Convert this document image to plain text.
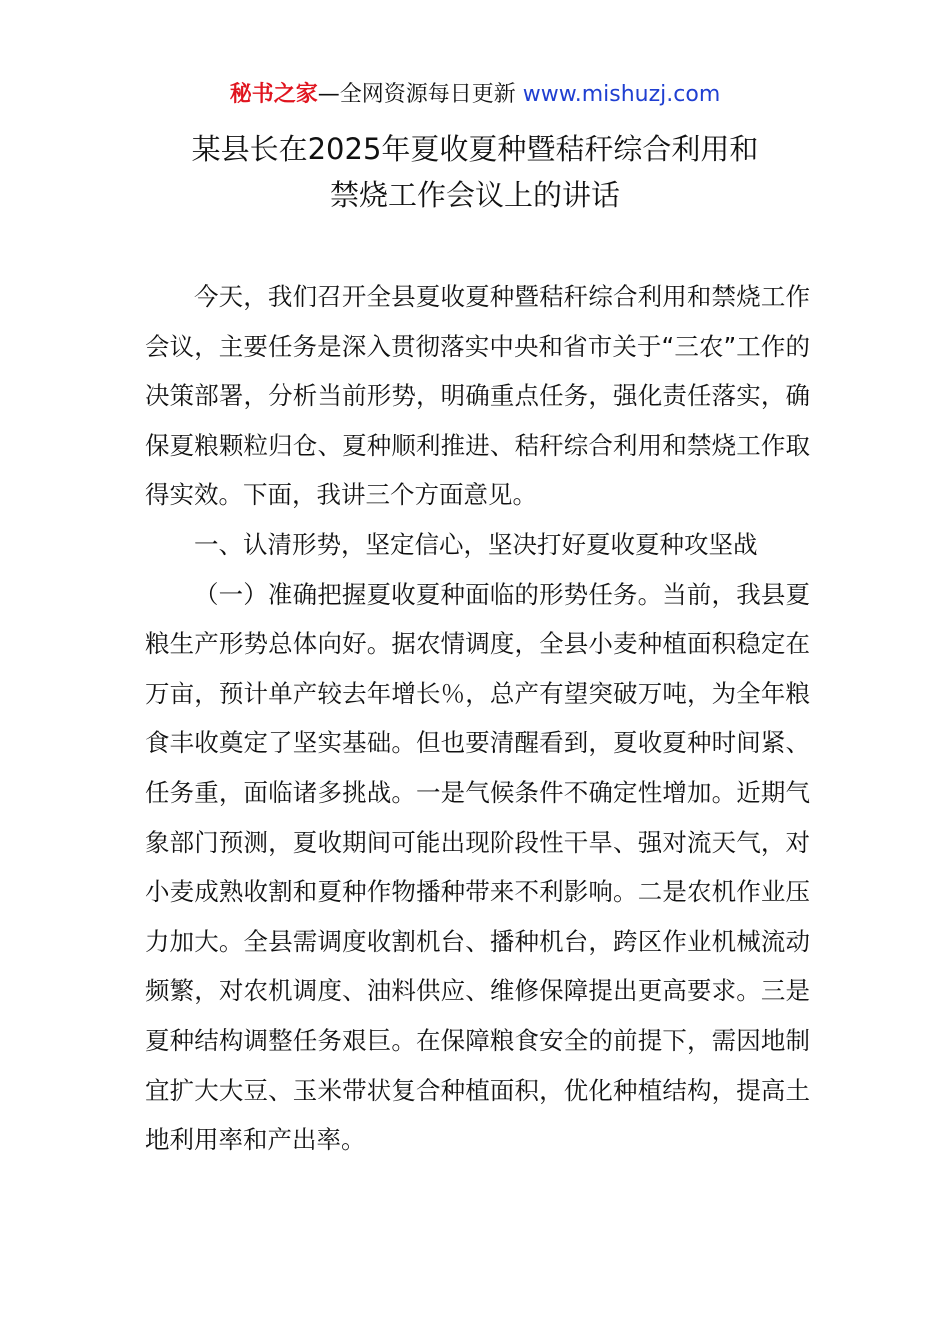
秘书之家—全网资源每日更新 www.mishuzj.com
某县长在2025年夏收夏种暨秸秆综合利用和
禁烧工作会议上的讲话

今天，我们召开全县夏收夏种暨秸秆综合利用和禁烧工作会议，主要任务是深入贯彻落实中央和省市关于“三农”工作的决策部署，分析当前形势，明确重点任务，强化责任落实，确保夏粮颗粒归仓、夏种顺利推进、秸秆综合利用和禁烧工作取得实效。下面，我讲三个方面意见。

一、认清形势，坚定信心，坚决打好夏收夏种攻坚战

（一）准确把握夏收夏种面临的形势任务。当前，我县夏粮生产形势总体向好。据农情调度，全县小麦种植面积稳定在万亩，预计单产较去年增长％，总产有望突破万吨，为全年粮食丰收奠定了坚实基础。但也要清醒看到，夏收夏种时间紧、任务重，面临诸多挑战。一是气候条件不确定性增加。近期气象部门预测，夏收期间可能出现阶段性干旱、强对流天气，对小麦成熟收割和夏种作物播种带来不利影响。二是农机作业压力加大。全县需调度收割机台、播种机台，跨区作业机械流动频繁，对农机调度、油料供应、维修保障提出更高要求。三是夏种结构调整任务艰巨。在保障粮食安全的前提下，需因地制宜扩大大豆、玉米带状复合种植面积，优化种植结构，提高土地利用率和产出率。
